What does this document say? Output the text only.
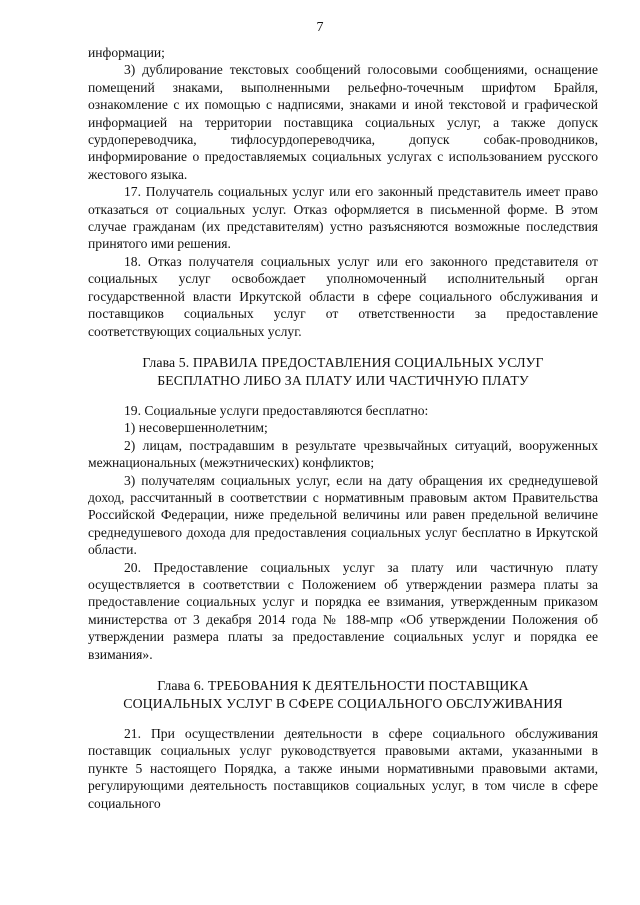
7

информации;

3) дублирование текстовых сообщений голосовыми сообщениями, оснащение помещений знаками, выполненными рельефно-точечным шрифтом Брайля, ознакомление с их помощью с надписями, знаками и иной текстовой и графической информацией на территории поставщика социальных услуг, а также допуск сурдопереводчика, тифлосурдопереводчика, допуск собак-проводников, информирование о предоставляемых социальных услугах с использованием русского жестового языка.

17. Получатель социальных услуг или его законный представитель имеет право отказаться от социальных услуг. Отказ оформляется в письменной форме. В этом случае гражданам (их представителям) устно разъясняются возможные последствия принятого ими решения.

18. Отказ получателя социальных услуг или его законного представителя от социальных услуг освобождает уполномоченный исполнительный орган государственной власти Иркутской области в сфере социального обслуживания и поставщиков социальных услуг от ответственности за предоставление соответствующих социальных услуг.

Глава 5. ПРАВИЛА ПРЕДОСТАВЛЕНИЯ СОЦИАЛЬНЫХ УСЛУГ

БЕСПЛАТНО ЛИБО ЗА ПЛАТУ ИЛИ ЧАСТИЧНУЮ ПЛАТУ

19. Социальные услуги предоставляются бесплатно:

1) несовершеннолетним;

2) лицам, пострадавшим в результате чрезвычайных ситуаций, вооруженных межнациональных (межэтнических) конфликтов;

3) получателям социальных услуг, если на дату обращения их среднедушевой доход, рассчитанный в соответствии с нормативным правовым актом Правительства Российской Федерации, ниже предельной величины или равен предельной величине среднедушевого дохода для предоставления социальных услуг бесплатно в Иркутской области.

20. Предоставление социальных услуг за плату или частичную плату осуществляется в соответствии с Положением об утверждении размера платы за предоставление социальных услуг и порядка ее взимания, утвержденным приказом министерства от 3 декабря 2014 года № 188-мпр «Об утверждении Положения об утверждении размера платы за предоставление социальных услуг и порядка ее взимания».

Глава 6. ТРЕБОВАНИЯ К ДЕЯТЕЛЬНОСТИ ПОСТАВЩИКА

СОЦИАЛЬНЫХ УСЛУГ В СФЕРЕ СОЦИАЛЬНОГО ОБСЛУЖИВАНИЯ

21. При осуществлении деятельности в сфере социального обслуживания поставщик социальных услуг руководствуется правовыми актами, указанными в пункте 5 настоящего Порядка, а также иными нормативными правовыми актами, регулирующими деятельность поставщиков социальных услуг, в том числе в сфере социального
